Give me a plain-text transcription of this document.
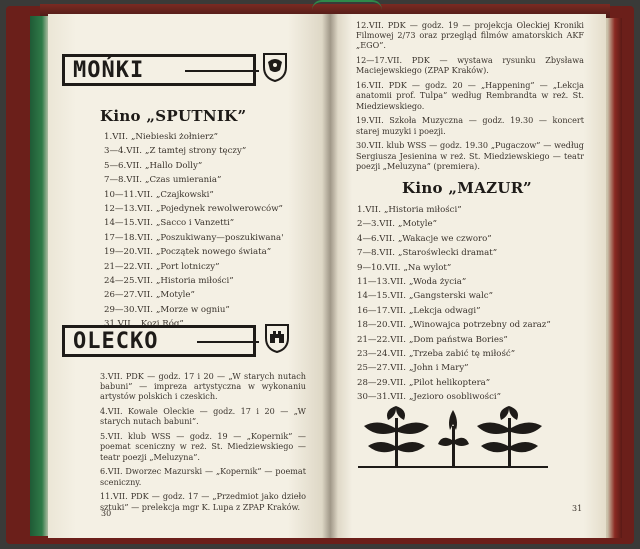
MOŃKI
Kino „SPUTNIK”
1.VII. „Niebieski żołnierz”
3—4.VII. „Z tamtej strony tęczy”
5—6.VII. „Hallo Dolly”
7—8.VII. „Czas umierania”
10—11.VII. „Czajkowski”
12—13.VII. „Pojedynek rewolwerowców”
14—15.VII. „Sacco i Vanzetti”
17—18.VII. „Poszukiwany—poszukiwana'
19—20.VII. „Początek nowego świata”
21—22.VII. „Port lotniczy”
24—25.VII. „Historia miłości”
26—27.VII. „Motyle”
29—30.VII. „Morze w ogniu”
OLECKO

3.VII. PDK — godz. 17 i 20 — „W starych nutach babuni” — impreza artystyczna w wykonaniu artystów polskich i czeskich.

4.VII. Kowale Oleckie — godz. 17 i 20 — „W starych nutach babuni”.

5.VII. klub WSS — godz. 19 — „Kopernik” — poemat sceniczny w reż. St. Miedziewskiego — teatr poezji „Meluzyna”.

6.VII. Dworzec Mazurski — „Kopernik” — poemat sceniczny.

11.VII. PDK — godz. 17 — „Przedmiot jako dzieło sztuki” — prelekcja mgr K. Lupa z ZPAP Kraków.

30

12.VII. PDK — godz. 19 — projekcja Oleckiej Kroniki Filmowej 2/73 oraz przegląd filmów amatorskich AKF „EGO”.

12—17.VII. PDK — wystawa rysunku Zbysława Maciejewskiego (ZPAP Kraków).

16.VII. PDK — godz. 20 — „Happening” — „Lekcja anatomii prof. Tulpa” według Rembrandta w reż. St. Miedziewskiego.

19.VII. Szkoła Muzyczna — godz. 19.30 — koncert starej muzyki i poezji.

30.VII. klub WSS — godz. 19.30 „Pugaczow” — według Sergiusza Jesienina w reż. St. Miedziewskiego — teatr poezji „Meluzyna” (premiera).

Kino „MAZUR”
1.VII. „Historia miłości”
2—3.VII. „Motyle”
4—6.VII. „Wakacje we czworo”
7—8.VII. „Starośwlecki dramat”
9—10.VII. „Na wylot”
11—13.VII. „Woda życia”
14—15.VII. „Gangsterski walc”
16—17.VII. „Lekcja odwagi”
18—20.VII. „Winowajca potrzebny od zaraz”
21—22.VII. „Dom państwa Bories”
23—24.VII. „Trzeba zabić tę miłość”
25—27.VII. „John i Mary”
28—29.VII. „Pilot helikoptera”
30—31.VII. „Jezioro osobliwości”
31
